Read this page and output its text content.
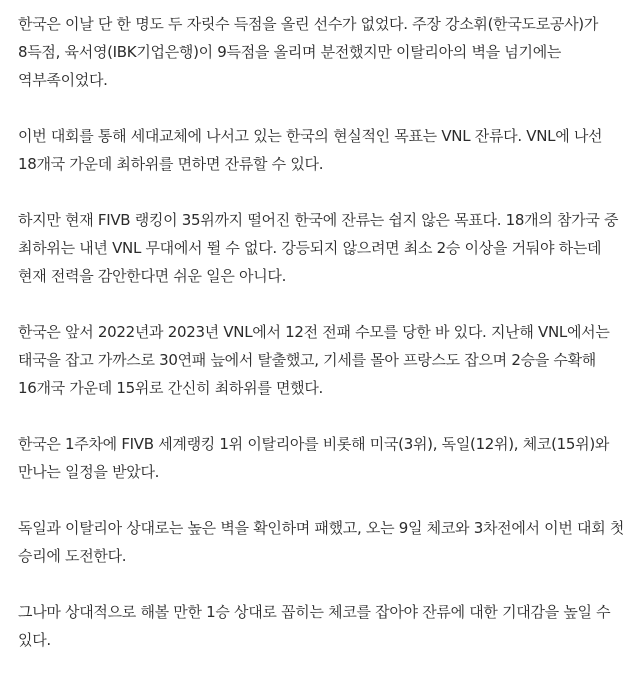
한국은 이날 단 한 명도 두 자릿수 득점을 올린 선수가 없었다. 주장 강소휘(한국도로공사)가 8득점, 육서영(IBK기업은행)이 9득점을 올리며 분전했지만 이탈리아의 벽을 넘기에는 역부족이었다.

이번 대회를 통해 세대교체에 나서고 있는 한국의 현실적인 목표는 VNL 잔류다. VNL에 나선 18개국 가운데 최하위를 면하면 잔류할 수 있다.

하지만 현재 FIVB 랭킹이 35위까지 떨어진 한국에 잔류는 쉽지 않은 목표다. 18개의 참가국 중 최하위는 내년 VNL 무대에서 뛸 수 없다. 강등되지 않으려면 최소 2승 이상을 거둬야 하는데 현재 전력을 감안한다면 쉬운 일은 아니다.

한국은 앞서 2022년과 2023년 VNL에서 12전 전패 수모를 당한 바 있다. 지난해 VNL에서는 태국을 잡고 가까스로 30연패 늪에서 탈출했고, 기세를 몰아 프랑스도 잡으며 2승을 수확해 16개국 가운데 15위로 간신히 최하위를 면했다.

한국은 1주차에 FIVB 세계랭킹 1위 이탈리아를 비롯해 미국(3위), 독일(12위), 체코(15위)와 만나는 일정을 받았다.

독일과 이탈리아 상대로는 높은 벽을 확인하며 패했고, 오는 9일 체코와 3차전에서 이번 대회 첫 승리에 도전한다.

그나마 상대적으로 해볼 만한 1승 상대로 꼽히는 체코를 잡아야 잔류에 대한 기대감을 높일 수 있다.
